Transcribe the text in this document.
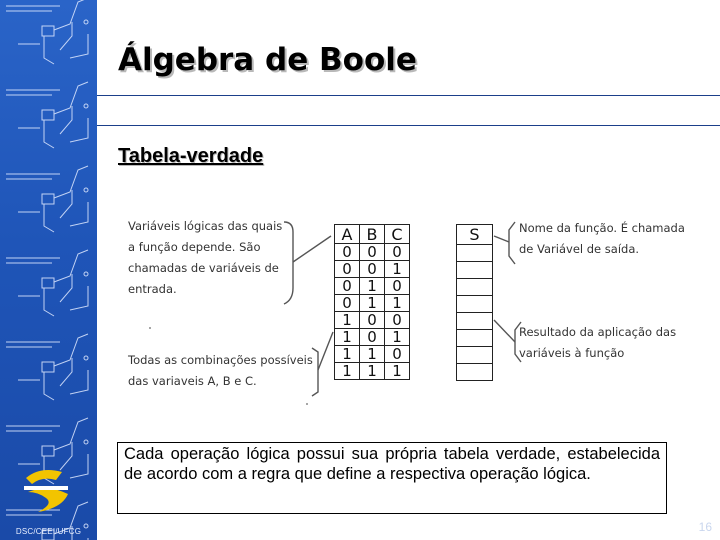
DSC/CEEI/UFCG
Álgebra de Boole
Tabela-verdade
Variáveis lógicas das quais
a função depende. São
chamadas de variáveis de
entrada.
Todas as combinações possíveis
das variaveis A, B e C.
Nome da função. É chamada
de Variável de saída.
Resultado da aplicação das
variáveis à função
A	B	C
0	0	0
0	0	1
0	1	0
0	1	1
1	0	0
1	0	1
1	1	0
1	1	1
S

Cada operação lógica possui sua própria tabela verdade, estabelecida de acordo com a regra que define a respectiva operação lógica.

16
